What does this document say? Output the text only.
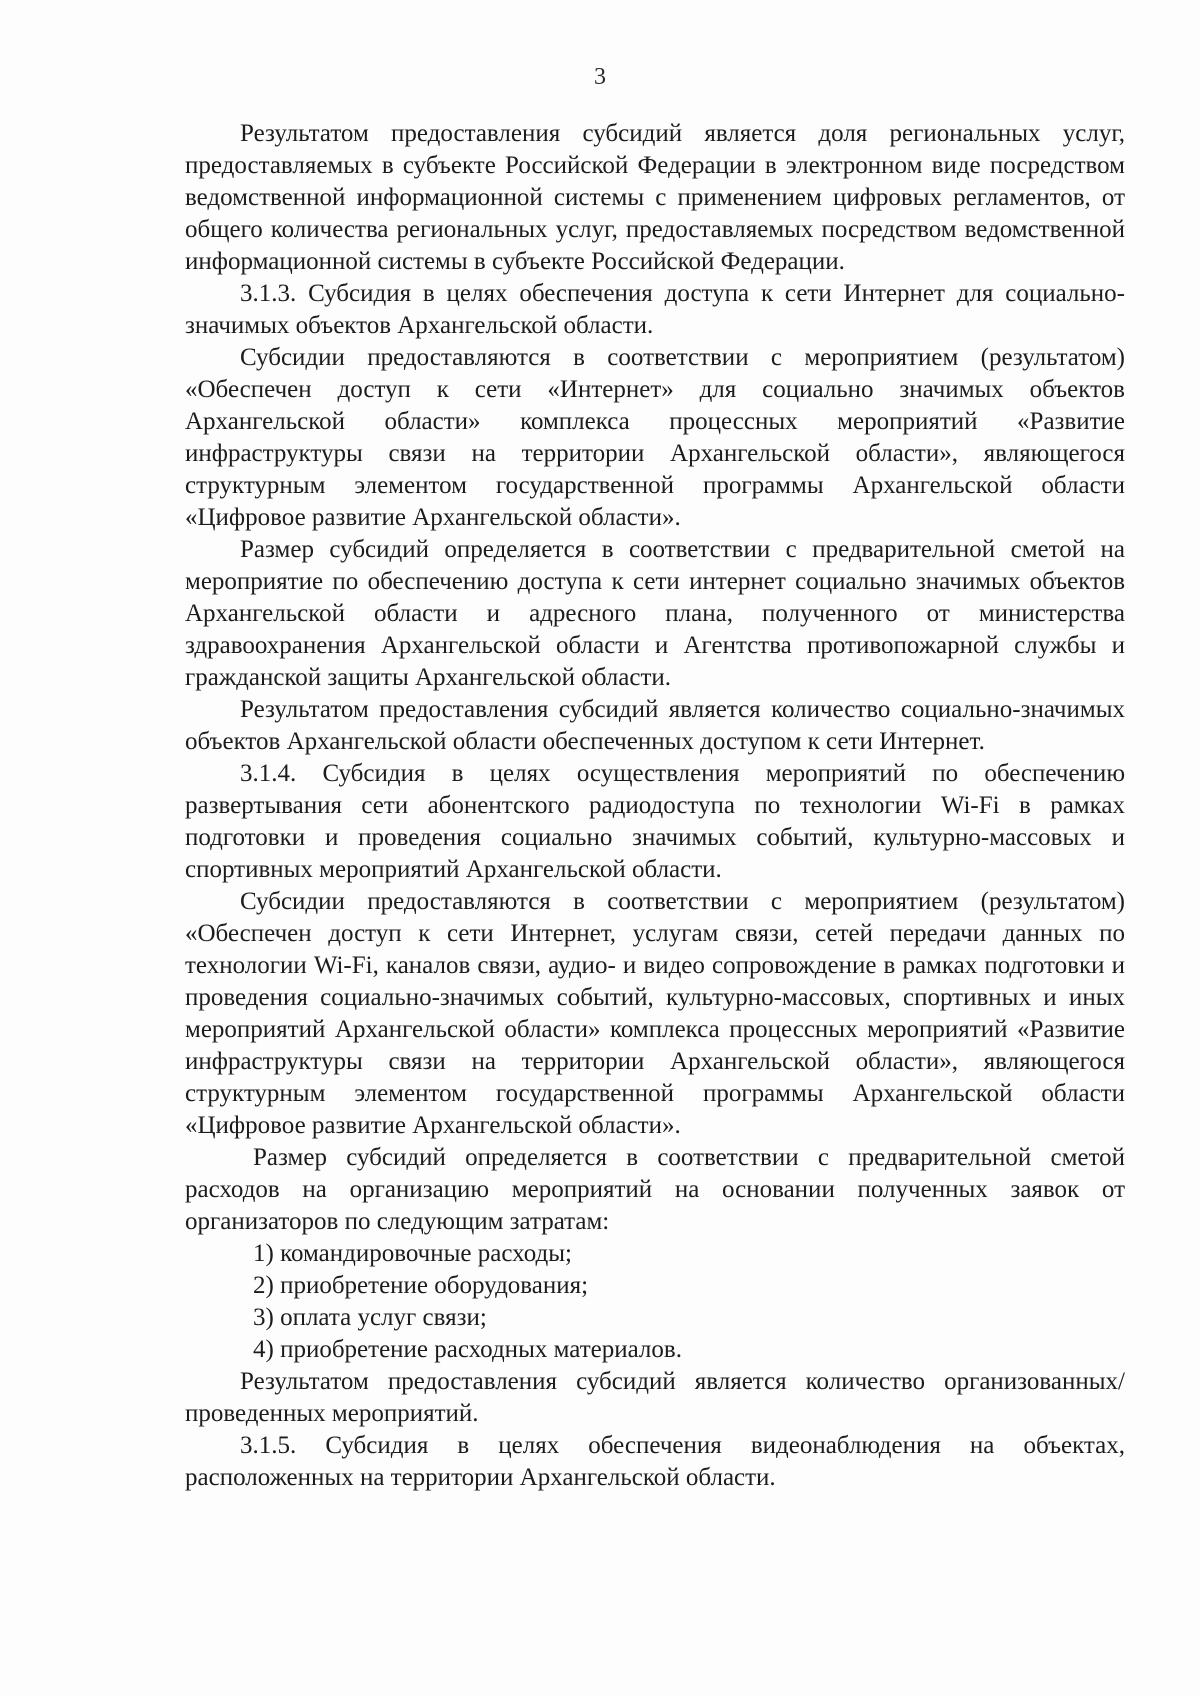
3

Результатом предоставления субсидий является доля региональных услуг, предоставляемых в субъекте Российской Федерации в электронном виде посредством ведомственной информационной системы с применением цифровых регламентов, от общего количества региональных услуг, предоставляемых посредством ведомственной информационной системы в субъекте Российской Федерации.

3.1.3. Субсидия в целях обеспечения доступа к сети Интернет для социально-значимых объектов Архангельской области.

Субсидии предоставляются в соответствии с мероприятием (результатом) «Обеспечен доступ к сети «Интернет» для социально значимых объектов Архангельской области» комплекса процессных мероприятий «Развитие инфраструктуры связи на территории Архангельской области», являющегося структурным элементом государственной программы Архангельской области «Цифровое развитие Архангельской области».

Размер субсидий определяется в соответствии с предварительной сметой на мероприятие по обеспечению доступа к сети интернет социально значимых объектов Архангельской области и адресного плана, полученного от министерства здравоохранения Архангельской области и Агентства противопожарной службы и гражданской защиты Архангельской области.

Результатом предоставления субсидий является количество социально-значимых объектов Архангельской области обеспеченных доступом к сети Интернет.

3.1.4. Субсидия в целях осуществления мероприятий по обеспечению развертывания сети абонентского радиодоступа по технологии Wi-Fi в рамках подготовки и проведения социально значимых событий, культурно-массовых и спортивных мероприятий Архангельской области.

Субсидии предоставляются в соответствии с мероприятием (результатом) «Обеспечен доступ к сети Интернет, услугам связи, сетей передачи данных по технологии Wi-Fi, каналов связи, аудио- и видео сопровождение в рамках подготовки и проведения социально-значимых событий, культурно-массовых, спортивных и иных мероприятий Архангельской области» комплекса процессных мероприятий «Развитие инфраструктуры связи на территории Архангельской области», являющегося структурным элементом государственной программы Архангельской области «Цифровое развитие Архангельской области».

Размер субсидий определяется в соответствии с предварительной сметой расходов на организацию мероприятий на основании полученных заявок от организаторов по следующим затратам:

1) командировочные расходы;
2) приобретение оборудования;
3) оплата услуг связи;
4) приобретение расходных материалов.

Результатом предоставления субсидий является количество организованных/проведенных мероприятий.

3.1.5. Субсидия в целях обеспечения видеонаблюдения на объектах, расположенных на территории Архангельской области.
